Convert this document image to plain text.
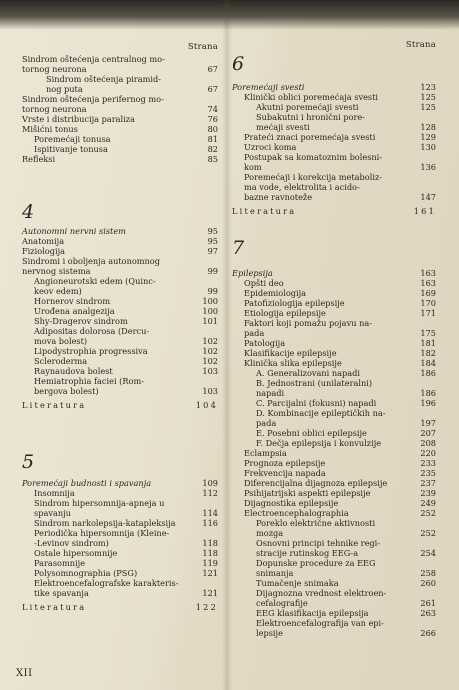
Strana
Sindrom oštećenja centralnog mo-
tornog neurona	67
Sindrom oštećenja piramid-
nog puta	67
Sindrom oštećenja perifernog mo-
tornog neurona	74
Vrste i distribucija paraliza	76
Mišićni tonus	80
Poremećaji tonusa	81
Ispitivanje tonusa	82
Refleksi	85
4
Autonomni nervni sistem	95
Anatomija	95
Fiziologija	97
Sindromi i oboljenja autonomnog
nervnog sistema	99
Angioneurotski edem (Quinc-
keov edem)	99
Hornerov sindrom	100
Urođena analgezija	100
Shy-Dragerov sindrom	101
Adipositas dolorosa (Dercu-
mova bolest)	102
Lipodystrophia progressiva	102
Scleroderma	102
Raynaudova bolest	103
Hemiatrophia faciei (Rom-
bergova bolest)	103
Literatura	104
5
Poremećaji budnosti i spavanja	109
Insomnija	112
Sindrom hipersomnija-apneja u
spavanju	114
Sindrom narkolepsija-katapleksija	116
Periodička hipersomnija (Kleine-
-Levinov sindrom)	118
Ostale hipersomnije	118
Parasomnije	119
Polysomnographia (PSG)	121
Elektroencefalografske karakteris-
tike spavanja	121
Literatura	122
Strana
6
Poremećaji svesti	123
Klinički oblici poremećaja svesti	125
Akutni poremećaji svesti	125
Subakutni i hronični pore-
mećaji svesti	128
Prateći znaci poremećaja svesti	129
Uzroci koma	130
Postupak sa komatoznim bolesni-
kom	136
Poremećaji i korekcija metaboliz-
ma vode, elektrolita i acido-
bazne ravnoteže	147
Literatura	161
7
Epilepsija	163
Opšti deo	163
Epidemiologija	169
Patofiziologija epilepsije	170
Etiologija epilepsije	171
Faktori koji pomažu pojavu na-
pada	175
Patologija	181
Klasifikacije epilepsije	182
Klinička slika epilepsije	184
A. Generalizovani napadi	186
B. Jednostrani (unilateralni)
napadi	186
C. Parcijalni (fokusni) napadi	196
D. Kombinacije epileptičkih na-
pada	197
E. Posebni oblici epilepsije	207
F. Dečja epilepsija i konvulzije	208
Eclampsia	220
Prognoza epilepsije	233
Frekvencija napada	235
Diferencijalna dijagnoza epilepsije	237
Psihijatrijski aspekti epilepsije	239
Dijagnostika epilepsije	249
Electroencephalographia	252
Poreklo električne aktivnosti
mozga	252
Osnovni principi tehnike regi-
stracije rutinskog EEG-a	254
Dopunske procedure za EEG
snimanja	258
Tumačenje snimaka	260
Dijagnozna vrednost elektroen-
cefalografije	261
EEG klasifikacija epilepsija	263
Elektroencefalografija van epi-
lepsije	266
XII
